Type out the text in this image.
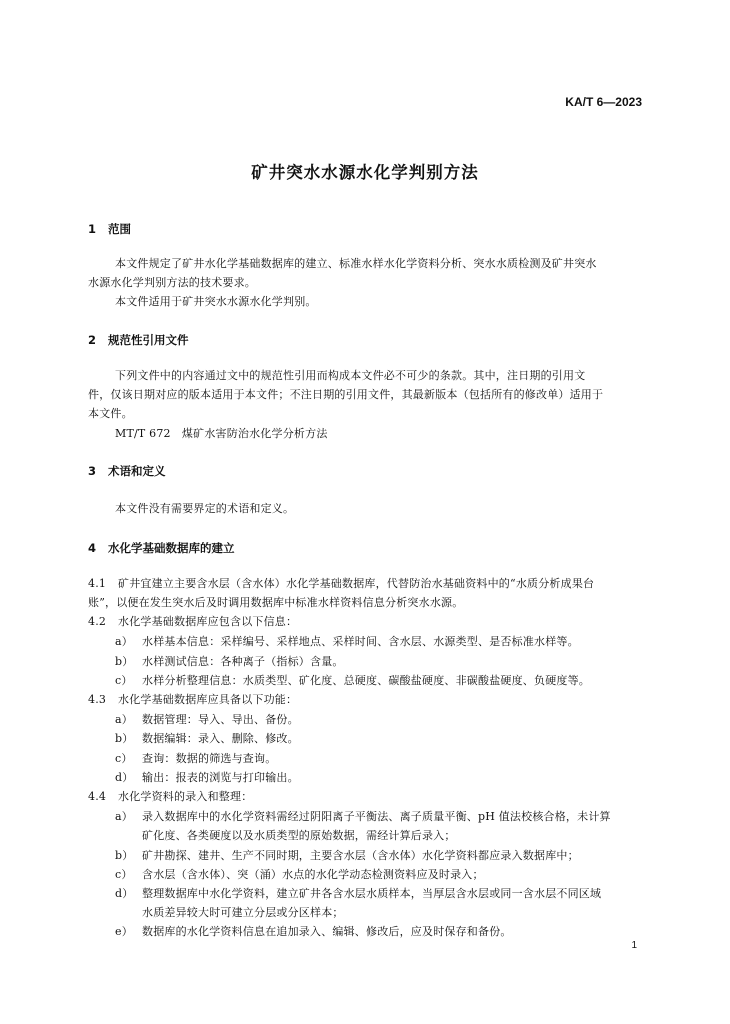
KA/T 6—2023
矿井突水水源水化学判别方法
1 范围
本文件规定了矿井水化学基础数据库的建立、标准水样水化学资料分析、突水水质检测及矿井突水
水源水化学判别方法的技术要求。
本文件适用于矿井突水水源水化学判别。
2 规范性引用文件
下列文件中的内容通过文中的规范性引用而构成本文件必不可少的条款。其中，注日期的引用文
件，仅该日期对应的版本适用于本文件；不注日期的引用文件，其最新版本（包括所有的修改单）适用于
本文件。
MT/T 672　煤矿水害防治水化学分析方法
3 术语和定义
本文件没有需要界定的术语和定义。
4 水化学基础数据库的建立
4.1 矿井宜建立主要含水层（含水体）水化学基础数据库，代替防治水基础资料中的“水质分析成果台
账”，以便在发生突水后及时调用数据库中标准水样资料信息分析突水水源。
4.2 水化学基础数据库应包含以下信息：
a） 水样基本信息：采样编号、采样地点、采样时间、含水层、水源类型、是否标准水样等。
b） 水样测试信息：各种离子（指标）含量。
c） 水样分析整理信息：水质类型、矿化度、总硬度、碳酸盐硬度、非碳酸盐硬度、负硬度等。
4.3 水化学基础数据库应具备以下功能：
a） 数据管理：导入、导出、备份。
b） 数据编辑：录入、删除、修改。
c） 查询：数据的筛选与查询。
d） 输出：报表的浏览与打印输出。
4.4 水化学资料的录入和整理：
a） 录入数据库中的水化学资料需经过阴阳离子平衡法、离子质量平衡、pH 值法校核合格，未计算
矿化度、各类硬度以及水质类型的原始数据，需经计算后录入；
b） 矿井勘探、建井、生产不同时期，主要含水层（含水体）水化学资料都应录入数据库中；
c） 含水层（含水体）、突（涌）水点的水化学动态检测资料应及时录入；
d） 整理数据库中水化学资料，建立矿井各含水层水质样本，当厚层含水层或同一含水层不同区域
水质差异较大时可建立分层或分区样本；
e） 数据库的水化学资料信息在追加录入、编辑、修改后，应及时保存和备份。
1
